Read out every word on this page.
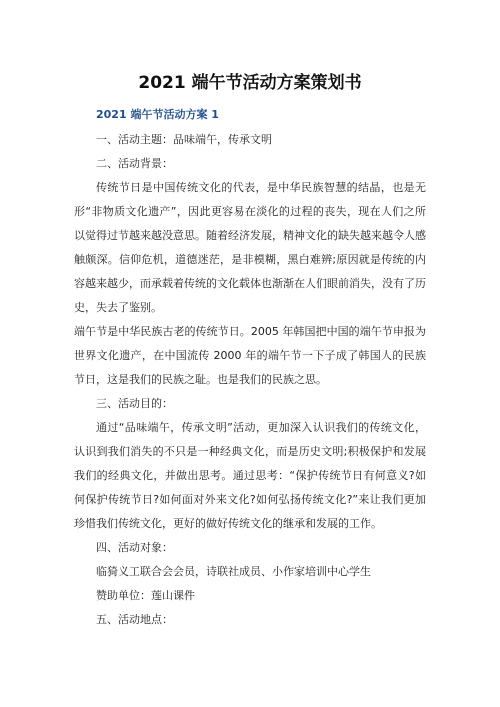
2021 端午节活动方案策划书
2021 端午节活动方案 1

一、活动主题：品味端午，传承文明

二、活动背景：

传统节日是中国传统文化的代表，是中华民族智慧的结晶，也是无形“非物质文化遗产”，因此更容易在淡化的过程的丧失，现在人们之所以觉得过节越来越没意思。随着经济发展，精神文化的缺失越来越令人感触颇深。信仰危机，道德迷茫，是非模糊，黑白难辨;原因就是传统的内容越来越少，而承载着传统的文化载体也渐渐在人们眼前消失，没有了历史，失去了鉴别。

端午节是中华民族古老的传统节日。2005 年韩国把中国的端午节申报为世界文化遗产，在中国流传 2000 年的端午节一下子成了韩国人的民族节日，这是我们的民族之耻。也是我们的民族之思。

三、活动目的：

通过“品味端午，传承文明”活动，更加深入认识我们的传统文化，认识到我们消失的不只是一种经典文化，而是历史文明;积极保护和发展我们的经典文化，并做出思考。通过思考：“保护传统节日有何意义?如何保护传统节日?如何面对外来文化?如何弘扬传统文化?”来让我们更加珍惜我们传统文化，更好的做好传统文化的继承和发展的工作。

四、活动对象：

临猗义工联合会会员，诗联社成员、小作家培训中心学生

赞助单位：莲山课件

五、活动地点：
